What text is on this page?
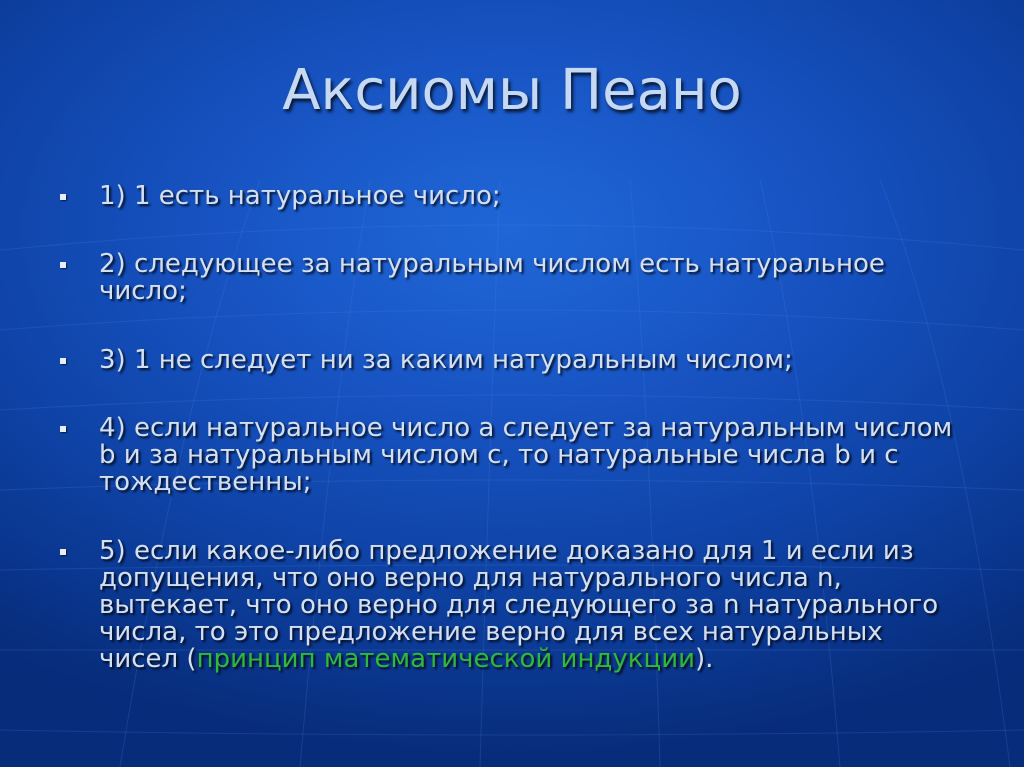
Аксиомы Пеано
1) 1 есть натуральное число;
2) следующее за натуральным числом есть натуральное число;
3) 1 не следует ни за каким натуральным числом;
4) если натуральное число а следует за натуральным числом b и за натуральным числом c, то натуральные числа b и c тождественны;
5) если какое-либо предложение доказано для 1 и если из допущения, что оно верно для натурального числа n, вытекает, что оно верно для следующего за n натурального числа, то это предложение верно для всех натуральных чисел (принцип математической индукции).
